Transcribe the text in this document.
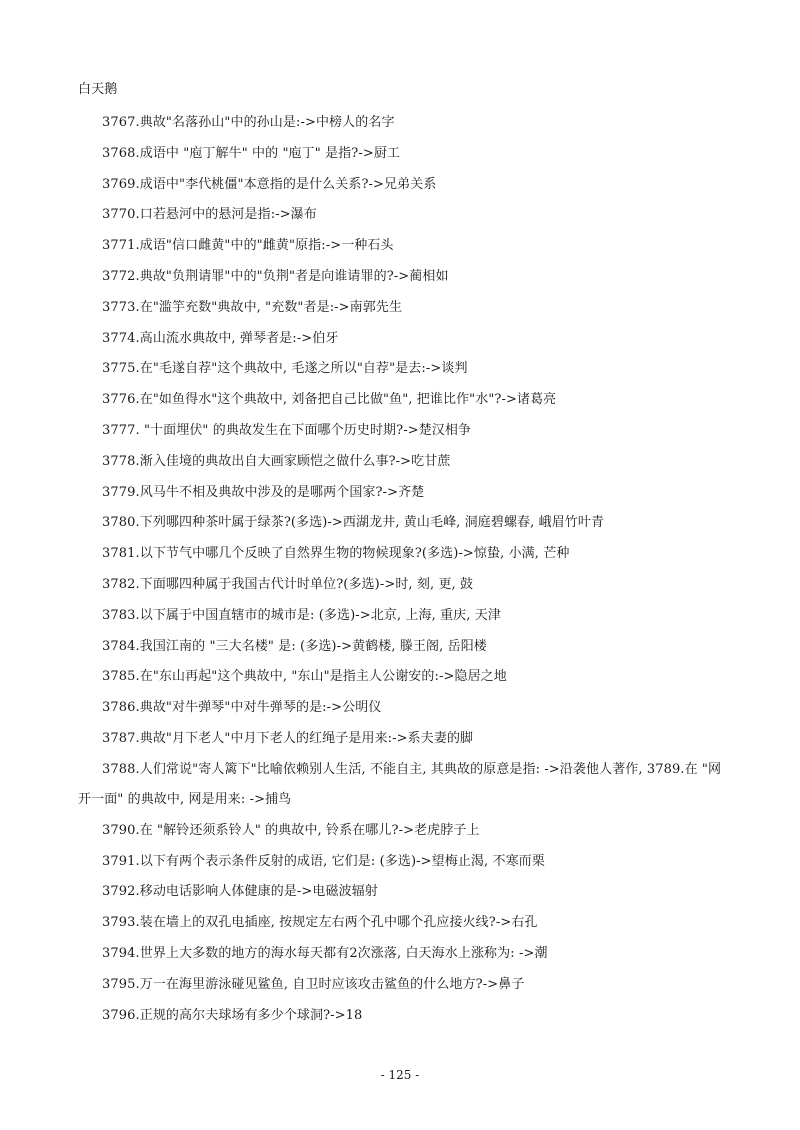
白天鹅
3767.典故"名落孙山"中的孙山是:->中榜人的名字
3768.成语中 "庖丁解牛" 中的 "庖丁" 是指?->厨工
3769.成语中"李代桃僵"本意指的是什么关系?->兄弟关系
3770.口若悬河中的悬河是指:->瀑布
3771.成语"信口雌黄"中的"雌黄"原指:->一种石头
3772.典故"负荆请罪"中的"负荆"者是向谁请罪的?->蔺相如
3773.在"滥竽充数"典故中, "充数"者是:->南郭先生
3774.高山流水典故中, 弹琴者是:->伯牙
3775.在"毛遂自荐"这个典故中, 毛遂之所以"自荐"是去:->谈判
3776.在"如鱼得水"这个典故中, 刘备把自己比做"鱼", 把谁比作"水"?->诸葛亮
3777. "十面埋伏" 的典故发生在下面哪个历史时期?->楚汉相争
3778.渐入佳境的典故出自大画家顾恺之做什么事?->吃甘蔗
3779.风马牛不相及典故中涉及的是哪两个国家?->齐楚
3780.下列哪四种茶叶属于绿茶?(多选)->西湖龙井, 黄山毛峰, 洞庭碧螺春, 峨眉竹叶青
3781.以下节气中哪几个反映了自然界生物的物候现象?(多选)->惊蛰, 小满, 芒种
3782.下面哪四种属于我国古代计时单位?(多选)->时, 刻, 更, 鼓
3783.以下属于中国直辖市的城市是: (多选)->北京, 上海, 重庆, 天津
3784.我国江南的 "三大名楼" 是: (多选)->黄鹤楼, 滕王阁, 岳阳楼
3785.在"东山再起"这个典故中, "东山"是指主人公谢安的:->隐居之地
3786.典故"对牛弹琴"中对牛弹琴的是:->公明仪
3787.典故"月下老人"中月下老人的红绳子是用来:->系夫妻的脚
3788.人们常说"寄人篱下"比喻依赖别人生活, 不能自主, 其典故的原意是指: ->沿袭他人著作, 3789.在 "网开一面" 的典故中, 网是用来: ->捕鸟
3790.在 "解铃还须系铃人" 的典故中, 铃系在哪儿?->老虎脖子上
3791.以下有两个表示条件反射的成语, 它们是: (多选)->望梅止渴, 不寒而栗
3792.移动电话影响人体健康的是->电磁波辐射
3793.装在墙上的双孔电插座, 按规定左右两个孔中哪个孔应接火线?->右孔
3794.世界上大多数的地方的海水每天都有2次涨落, 白天海水上涨称为: ->潮
3795.万一在海里游泳碰见鲨鱼, 自卫时应该攻击鲨鱼的什么地方?->鼻子
3796.正规的高尔夫球场有多少个球洞?->18
- 125 -
